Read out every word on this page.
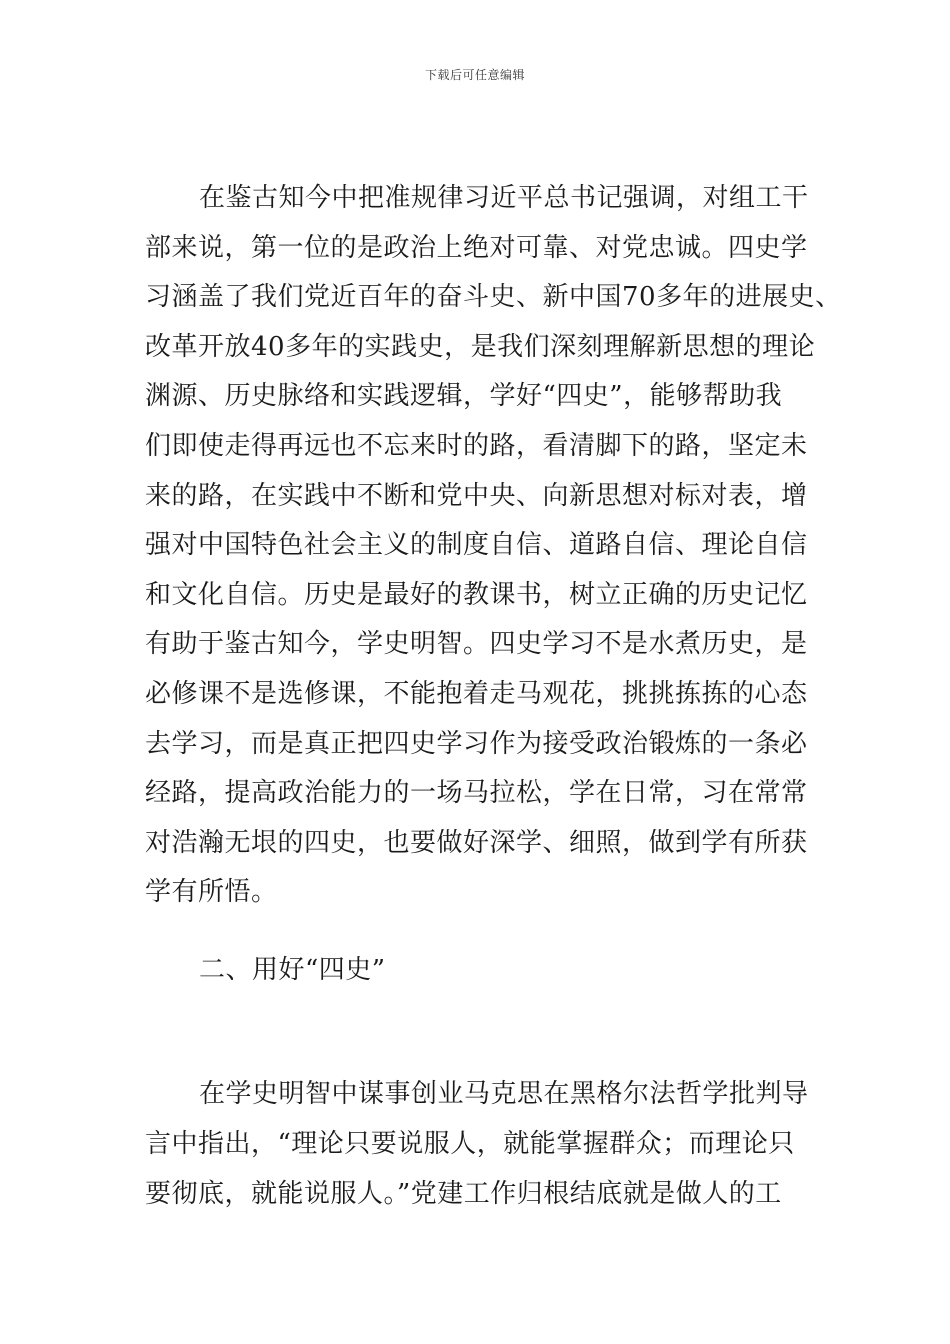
下载后可任意编辑
在鉴古知今中把准规律习近平总书记强调，对组工干
部来说，第一位的是政治上绝对可靠、对党忠诚。四史学
习涵盖了我们党近百年的奋斗史、新中国70多年的进展史、
改革开放40多年的实践史，是我们深刻理解新思想的理论
渊源、历史脉络和实践逻辑，学好“四史”，能够帮助我
们即使走得再远也不忘来时的路，看清脚下的路，坚定未
来的路，在实践中不断和党中央、向新思想对标对表，增
强对中国特色社会主义的制度自信、道路自信、理论自信
和文化自信。历史是最好的教课书，树立正确的历史记忆
有助于鉴古知今，学史明智。四史学习不是水煮历史，是
必修课不是选修课，不能抱着走马观花，挑挑拣拣的心态
去学习，而是真正把四史学习作为接受政治锻炼的一条必
经路，提高政治能力的一场马拉松，学在日常，习在常常
对浩瀚无垠的四史，也要做好深学、细照，做到学有所获
学有所悟。
二、用好“四史”
在学史明智中谋事创业马克思在黑格尔法哲学批判导
言中指出，“理论只要说服人，就能掌握群众；而理论只
要彻底，就能说服人。”党建工作归根结底就是做人的工
